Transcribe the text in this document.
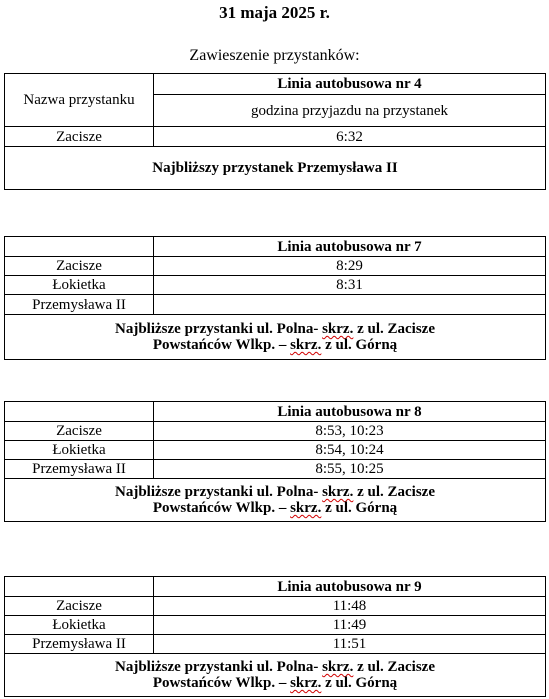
31 maja 2025 r.
Zawieszenie przystanków:
Nazwa przystanku	Linia autobusowa nr 4
	godzina przyjazdu na przystanek
Zacisze	6:32
Najbliższy przystanek Przemysława II	
	Linia autobusowa nr 7
Zacisze	8:29
Łokietka	8:31
Przemysława II	

Najbliższe przystanki ul. Polna- skrz. z ul. Zacisze
Powstańców Wlkp. – skrz. z ul. Górną	
	Linia autobusowa nr 8
Zacisze	8:53, 10:23
Łokietka	8:54, 10:24
Przemysława II	8:55, 10:25

Najbliższe przystanki ul. Polna- skrz. z ul. Zacisze
Powstańców Wlkp. – skrz. z ul. Górną	
	Linia autobusowa nr 9
Zacisze	11:48
Łokietka	11:49
Przemysława II	11:51

Najbliższe przystanki ul. Polna- skrz. z ul. Zacisze
Powstańców Wlkp. – skrz. z ul. Górną	
